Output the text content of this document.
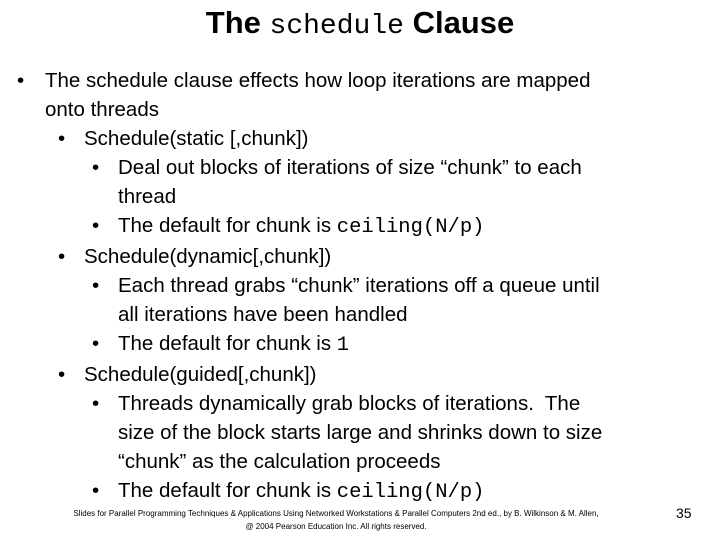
The schedule Clause
•	The schedule clause effects how loop iterations are mapped
onto threads
• Schedule(static [,chunk])
• Deal out blocks of iterations of size “chunk” to each
thread
• The default for chunk is ceiling(N/p)
• Schedule(dynamic[,chunk])
• Each thread grabs “chunk” iterations off a queue until
all iterations have been handled
• The default for chunk is 1
• Schedule(guided[,chunk])
• Threads dynamically grab blocks of iterations.  The
size of the block starts large and shrinks down to size
“chunk” as the calculation proceeds
• The default for chunk is ceiling(N/p)
Slides for Parallel Programming Techniques & Applications Using Networked Workstations & Parallel Computers 2nd ed., by B. Wilkinson & M. Allen,
@ 2004 Pearson Education Inc. All rights reserved.
35
